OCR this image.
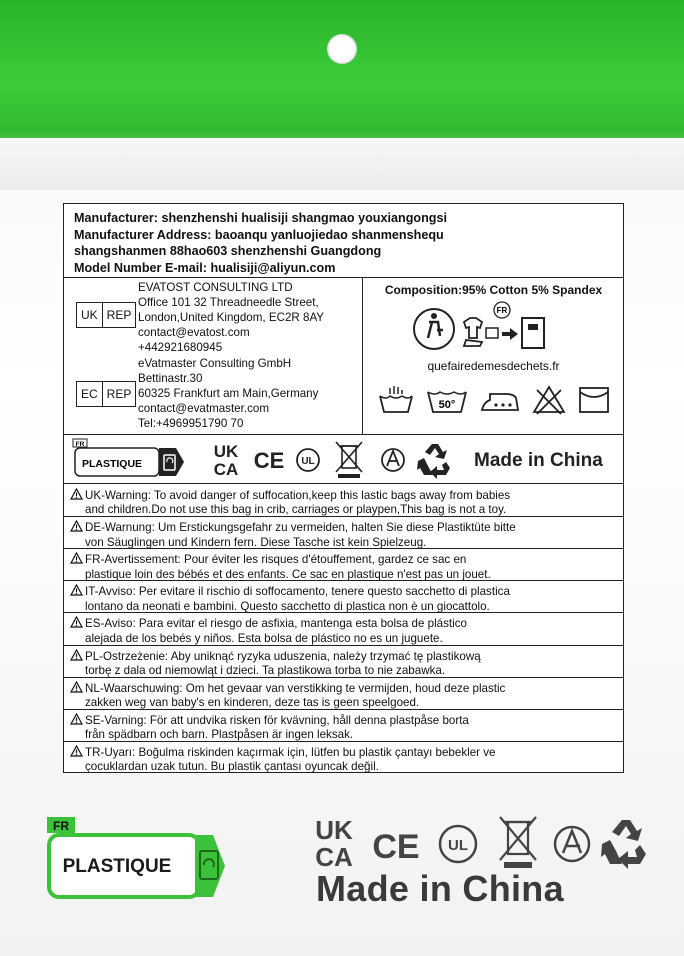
Manufacturer: shenzhenshi hualisiji shangmao youxiangongsi
Manufacturer Address: baoanqu yanluojiedao shanmenshequ
shangshanmen 88hao603 shenzhenshi Guangdong
Model Number E-mail: hualisiji@aliyun.com
UK REP
EVATOST CONSULTING LTD
Office 101 32 Threadneedle Street,
London,United Kingdom, EC2R 8AY
contact@evatost.com
+442921680945
EC REP
eVatmaster Consulting GmbH
Bettinastr.30
60325 Frankfurt am Main,Germany
contact@evatmaster.com
Tel:+4969951790 70
Composition:95% Cotton 5% Spandex
FR
quefairedemesdechets.fr
50°
FR
PLASTIQUE
UK
CA CE UL	Made in China
UK-Warning: To avoid danger of suffocation,keep this lastic bags away from babies
and children.Do not use this bag in crib, carriages or playpen,This bag is not a toy.
DE-Warnung: Um Erstickungsgefahr zu vermeiden, halten Sie diese Plastiktüte bitte
von Säuglingen und Kindern fern. Diese Tasche ist kein Spielzeug.
FR-Avertissement: Pour éviter les risques d'étouffement, gardez ce sac en
plastique loin des bébés et des enfants. Ce sac en plastique n'est pas un jouet.
IT-Avviso: Per evitare il rischio di soffocamento, tenere questo sacchetto di plastica
lontano da neonati e bambini. Questo sacchetto di plastica non è un giocattolo.
ES-Aviso: Para evitar el riesgo de asfixia, mantenga esta bolsa de plástico
alejada de los bebés y niños. Esta bolsa de plástico no es un juguete.
PL-Ostrzeżenie: Aby uniknąć ryzyka uduszenia, należy trzymać tę plastikową
torbę z dala od niemowląt i dzieci. Ta plastikowa torba to nie zabawka.
NL-Waarschuwing: Om het gevaar van verstikking te vermijden, houd deze plastic
zakken weg van baby's en kinderen, deze tas is geen speelgoed.
SE-Varning: För att undvika risken för kvävning, håll denna plastpåse borta
från spädbarn och barn. Plastpåsen är ingen leksak.
TR-Uyarı: Boğulma riskinden kaçırmak için, lütfen bu plastik çantayı bebekler ve
çocuklardan uzak tutun. Bu plastik çantası oyuncak değil.
FR
PLASTIQUE
UK
CA CE UL
Made in China
